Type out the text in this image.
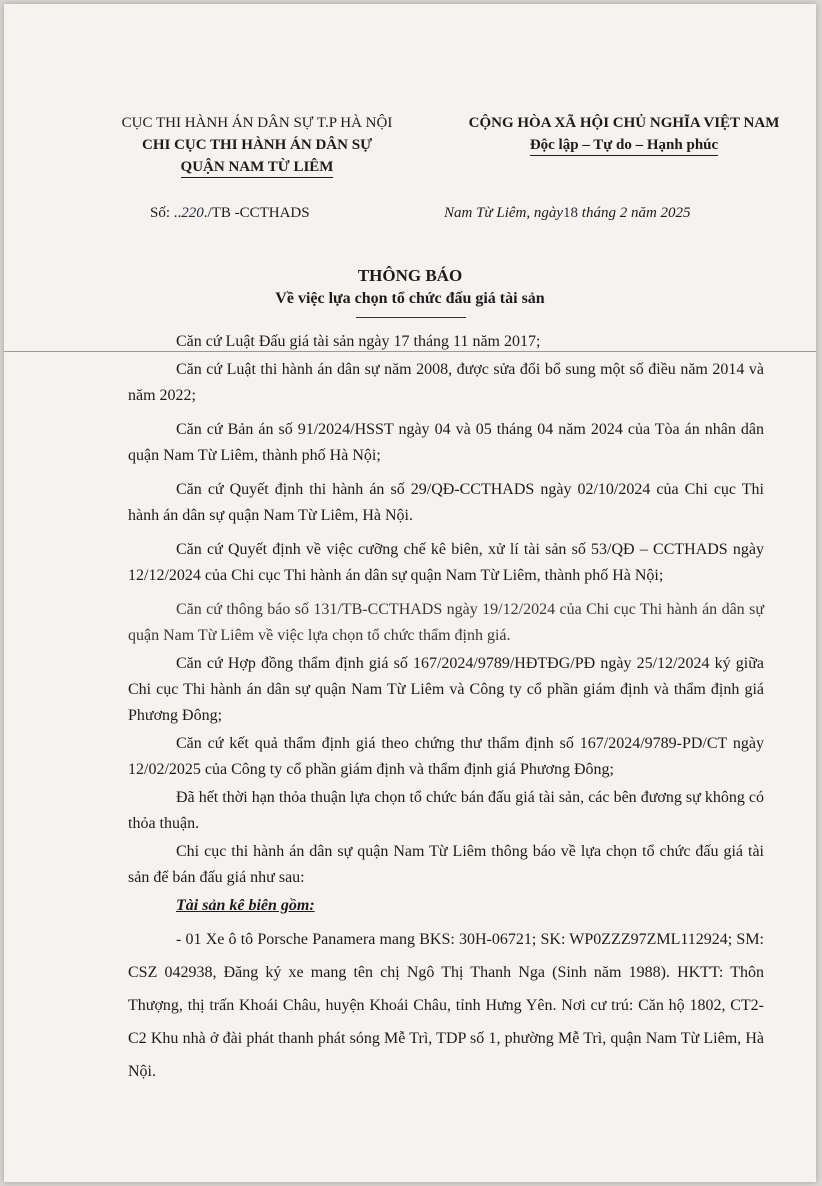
CỤC THI HÀNH ÁN DÂN SỰ T.P HÀ NỘI
CHI CỤC THI HÀNH ÁN DÂN SỰ
QUẬN NAM TỪ LIÊM
CỘNG HÒA XÃ HỘI CHỦ NGHĨA VIỆT NAM
Độc lập – Tự do – Hạnh phúc
Số: ..220./TB -CCTHADS	Nam Từ Liêm, ngày18 tháng 2 năm 2025
THÔNG BÁO
Về việc lựa chọn tổ chức đấu giá tài sản

Căn cứ Luật Đấu giá tài sản ngày 17 tháng 11 năm 2017;

Căn cứ Luật thi hành án dân sự năm 2008, được sửa đổi bổ sung một số điều năm 2014 và năm 2022;

Căn cứ Bản án số 91/2024/HSST ngày 04 và 05 tháng 04 năm 2024 của Tòa án nhân dân quận Nam Từ Liêm, thành phố Hà Nội;

Căn cứ Quyết định thi hành án số 29/QĐ-CCTHADS ngày 02/10/2024 của Chi cục Thi hành án dân sự quận Nam Từ Liêm, Hà Nội.

Căn cứ Quyết định về việc cưỡng chế kê biên, xử lí tài sản số 53/QĐ – CCTHADS ngày 12/12/2024 của Chi cục Thi hành án dân sự quận Nam Từ Liêm, thành phố Hà Nội;

Căn cứ thông báo số 131/TB-CCTHADS ngày 19/12/2024 của Chi cục Thi hành án dân sự quận Nam Từ Liêm về việc lựa chọn tổ chức thẩm định giá.

Căn cứ Hợp đồng thẩm định giá số 167/2024/9789/HĐTĐG/PĐ ngày 25/12/2024 ký giữa Chi cục Thi hành án dân sự quận Nam Từ Liêm và Công ty cổ phần giám định và thẩm định giá Phương Đông;

Căn cứ kết quả thẩm định giá theo chứng thư thẩm định số 167/2024/9789-PD/CT ngày 12/02/2025 của Công ty cổ phần giám định và thẩm định giá Phương Đông;

Đã hết thời hạn thỏa thuận lựa chọn tổ chức bán đấu giá tài sản, các bên đương sự không có thỏa thuận.

Chi cục thi hành án dân sự quận Nam Từ Liêm thông báo về lựa chọn tổ chức đấu giá tài sản để bán đấu giá như sau:

Tài sản kê biên gồm:

- 01 Xe ô tô Porsche Panamera mang BKS: 30H-06721; SK: WP0ZZZ97ZML112924; SM: CSZ 042938, Đăng ký xe mang tên chị Ngô Thị Thanh Nga (Sinh năm 1988). HKTT: Thôn Thượng, thị trấn Khoái Châu, huyện Khoái Châu, tỉnh Hưng Yên. Nơi cư trú: Căn hộ 1802, CT2-C2 Khu nhà ở đài phát thanh phát sóng Mễ Trì, TDP số 1, phường Mễ Trì, quận Nam Từ Liêm, Hà Nội.
